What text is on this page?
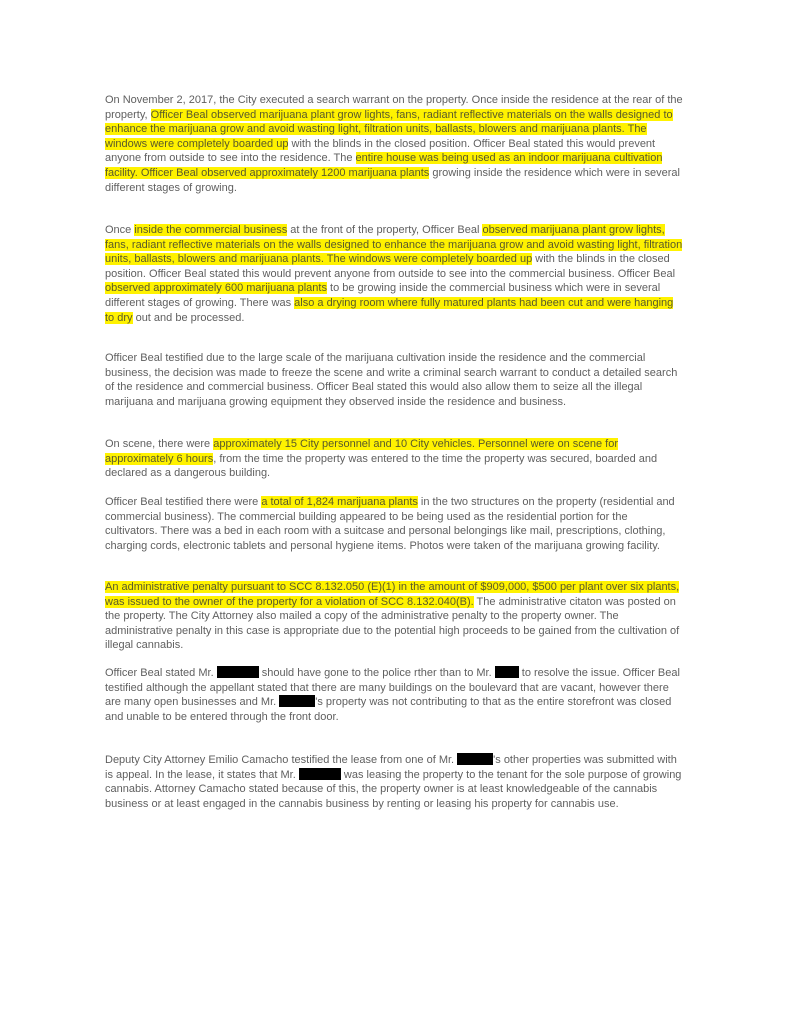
On November 2, 2017, the City executed a search warrant on the property. Once inside the residence at the rear of the property, Officer Beal observed marijuana plant grow lights, fans, radiant reflective materials on the walls designed to enhance the marijuana grow and avoid wasting light, filtration units, ballasts, blowers and marijuana plants. The windows were completely boarded up with the blinds in the closed position. Officer Beal stated this would prevent anyone from outside to see into the residence. The entire house was being used as an indoor marijuana cultivation facility. Officer Beal observed approximately 1200 marijuana plants growing inside the residence which were in several different stages of growing.

Once inside the commercial business at the front of the property, Officer Beal observed marijuana plant grow lights, fans, radiant reflective materials on the walls designed to enhance the marijuana grow and avoid wasting light, filtration units, ballasts, blowers and marijuana plants. The windows were completely boarded up with the blinds in the closed position. Officer Beal stated this would prevent anyone from outside to see into the commercial business. Officer Beal observed approximately 600 marijuana plants to be growing inside the commercial business which were in several different stages of growing. There was also a drying room where fully matured plants had been cut and were hanging to dry out and be processed.

Officer Beal testified due to the large scale of the marijuana cultivation inside the residence and the commercial business, the decision was made to freeze the scene and write a criminal search warrant to conduct a detailed search of the residence and commercial business. Officer Beal stated this would also allow them to seize all the illegal marijuana and marijuana growing equipment they observed inside the residence and business.

On scene, there were approximately 15 City personnel and 10 City vehicles. Personnel were on scene for approximately 6 hours, from the time the property was entered to the time the property was secured, boarded and declared as a dangerous building.

Officer Beal testified there were a total of 1,824 marijuana plants in the two structures on the property (residential and commercial business). The commercial building appeared to be being used as the residential portion for the cultivators. There was a bed in each room with a suitcase and personal belongings like mail, prescriptions, clothing, charging cords, electronic tablets and personal hygiene items. Photos were taken of the marijuana growing facility.

An administrative penalty pursuant to SCC 8.132.050 (E)(1) in the amount of $909,000, $500 per plant over six plants, was issued to the owner of the property for a violation of SCC 8.132.040(B). The administrative citaton was posted on the property. The City Attorney also mailed a copy of the administrative penalty to the property owner. The administrative penalty in this case is appropriate due to the potential high proceeds to be gained from the cultivation of illegal cannabis.

Officer Beal stated Mr.	should have gone to the police rther than to Mr.  to resolve the issue. Officer Beal testified although the appellant stated that there are many buildings on the boulevard that are vacant, however there are many open businesses and Mr.	's property was not contributing to that as the entire storefront was closed and unable to be entered through the front door.

Deputy City Attorney Emilio Camacho testified the lease from one of Mr.	's other properties was submitted with is appeal. In the lease, it states that Mr.	was leasing the property to the tenant for the sole purpose of growing cannabis. Attorney Camacho stated because of this, the property owner is at least knowledgeable of the cannabis business or at least engaged in the cannabis business by renting or leasing his property for cannabis use.
